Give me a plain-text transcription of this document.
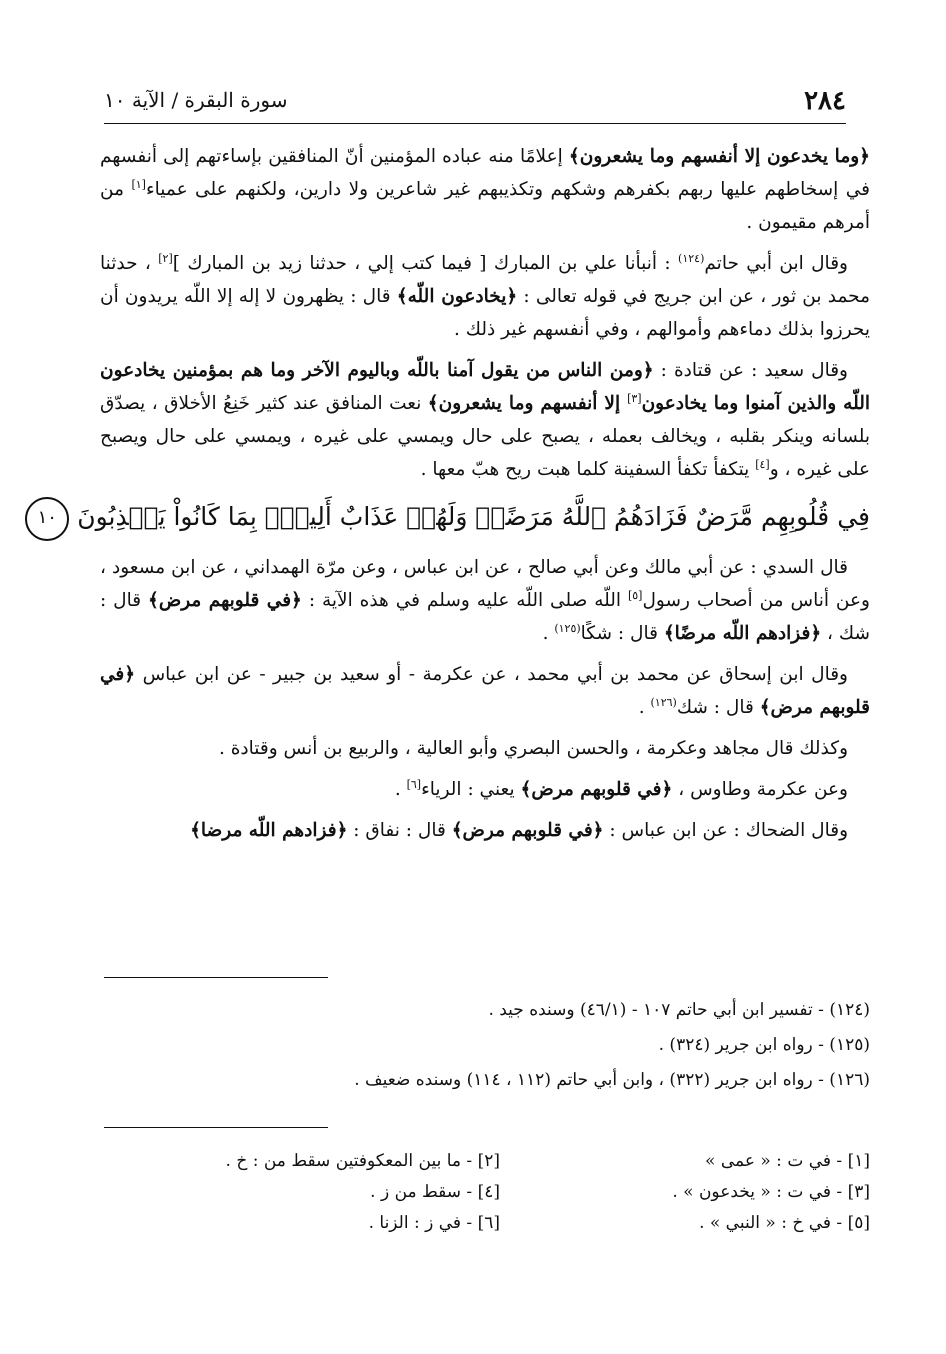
٢٨٤
سورة البقرة / الآية ١٠

﴿وما يخدعون إلا أنفسهم وما يشعرون﴾ إعلامًا منه عباده المؤمنين أنّ المنافقين بإساءتهم إلى أنفسهم في إسخاطهم عليها ربهم بكفرهم وشكهم وتكذيبهم غير شاعرين ولا دارين، ولكنهم على عمياء[١] من أمرهم مقيمون .

وقال ابن أبي حاتم$^{(١٢٤)}$ : أنبأنا علي بن المبارك [ فيما كتب إلي ، حدثنا زيد بن المبارك ][٢] ، حدثنا محمد بن ثور ، عن ابن جريج في قوله تعالى : ﴿يخادعون اللّه﴾ قال : يظهرون لا إله إلا اللّه يريدون أن يحرزوا بذلك دماءهم وأموالهم ، وفي أنفسهم غير ذلك .

وقال سعيد : عن قتادة : ﴿ومن الناس من يقول آمنا باللّه وباليوم الآخر وما هم بمؤمنين يخادعون اللّه والذين آمنوا وما يخادعون[٣] إلا أنفسهم وما يشعرون﴾ نعت المنافق عند كثير خَنِعُ الأخلاق ، يصدّق بلسانه وينكر بقلبه ، ويخالف بعمله ، يصبح على حال ويمسي على غيره ، ويمسي على حال ويصبح على غيره ، و[٤] يتكفأ تكفأ السفينة كلما هبت ريح هبّ معها .

فِي قُلُوبِهِم مَّرَضٌ فَزَادَهُمُ ٱللَّهُ مَرَضًاۖ وَلَهُمۡ عَذَابٌ أَلِيمُۢ بِمَا كَانُواْ يَكۡذِبُونَ ١٠

قال السدي : عن أبي مالك وعن أبي صالح ، عن ابن عباس ، وعن مرّة الهمداني ، عن ابن مسعود ، وعن أناس من أصحاب رسول[٥] اللّه صلى اللّه عليه وسلم في هذه الآية : ﴿في قلوبهم مرض﴾ قال : شك ، ﴿فزادهم اللّه مرضًا﴾ قال : شكًا$^{(١٢٥)}$ .

وقال ابن إسحاق عن محمد بن أبي محمد ، عن عكرمة - أو سعيد بن جبير - عن ابن عباس ﴿في قلوبهم مرض﴾ قال : شك$^{(١٢٦)}$ .

وكذلك قال مجاهد وعكرمة ، والحسن البصري وأبو العالية ، والربيع بن أنس وقتادة .

وعن عكرمة وطاوس ، ﴿في قلوبهم مرض﴾ يعني : الرياء[٦] .

وقال الضحاك : عن ابن عباس : ﴿في قلوبهم مرض﴾ قال : نفاق : ﴿فزادهم اللّه مرضا﴾

(١٢٤) - تفسير ابن أبي حاتم ١٠٧ - (٤٦/١) وسنده جيد .

(١٢٥) - رواه ابن جرير (٣٢٤) .

(١٢٦) - رواه ابن جرير (٣٢٢) ، وابن أبي حاتم (١١٢ ، ١١٤) وسنده ضعيف .

[١] - في ت : « عمى »

[٣] - في ت : « يخدعون » .

[٥] - في خ : « النبي » .

[٢] - ما بين المعكوفتين سقط من : خ .

[٤] - سقط من ز .

[٦] - في ز : الزنا .
